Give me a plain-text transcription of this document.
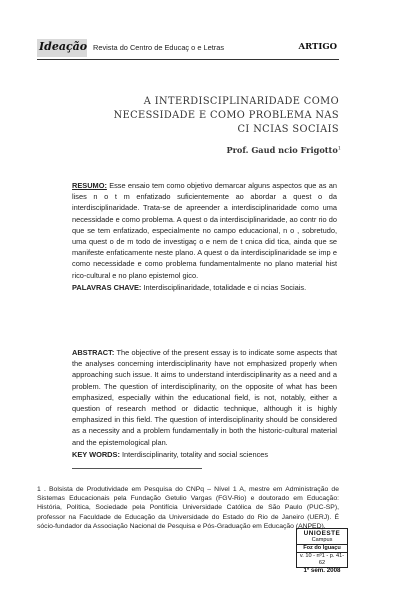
Ideação Revista do Centro de Educaç o e Letras	ARTIGO
A INTERDISCIPLINARIDADE COMO
NECESSIDADE E COMO PROBLEMA NAS
CI NCIAS SOCIAIS
Prof. Gaud ncio Frigotto$^1$
RESUMO: Esse ensaio tem como objetivo demarcar alguns aspectos que as an lises n o t m enfatizado suficientemente ao abordar a quest o da interdisciplinaridade. Trata-se de apreender a interdisciplinaridade como uma necessidade e como problema. A quest o da interdisciplinaridade, ao contr rio do que se tem enfatizado, especialmente no campo educacional, n o , sobretudo, uma quest o de m todo de investigaç o e nem de t cnica did tica, ainda que se manifeste enfaticamente neste plano. A quest o da interdisciplinaridade se imp e como necessidade e como problema fundamentalmente no plano material hist rico-cultural e no plano epistemol gico.
PALAVRAS CHAVE: Interdisciplinaridade, totalidade e ci ncias Sociais.
ABSTRACT: The objective of the present essay is to indicate some aspects that the analyses concerning interdisciplinarity have not emphasized properly when approaching such issue. It aims to understand interdisciplinarity as a need and a problem. The question of interdisciplinarity, on the opposite of what has been emphasized, especially within the educational field, is not, notably, either a question of research method or didactic technique, although it is highly emphasized in this field. The question of interdisciplinarity should be considered as a necessity and a problem fundamentally in both the historic-cultural material and the epistemological plan.
KEY WORDS: Interdisciplinarity, totality and social sciences
1 . Bolsista de Produtividade em Pesquisa do CNPq – Nível 1 A, mestre em Administração de Sistemas Educacionais pela Fundação Getulio Vargas (FGV-Rio) e doutorado em Educação: História, Política, Sociedade pela Pontifícia Universidade Católica de São Paulo (PUC-SP), professor na Faculdade de Educação da Universidade do Estado do Rio de Janeiro (UERJ). É sócio-fundador da Associação Nacional de Pesquisa e Pós-Graduação em Educação (ANPED).
UNIOESTE
Campus
Foz do Iguaçu
v. 10 - nº1 - p. 41-62
1º sem. 2008
